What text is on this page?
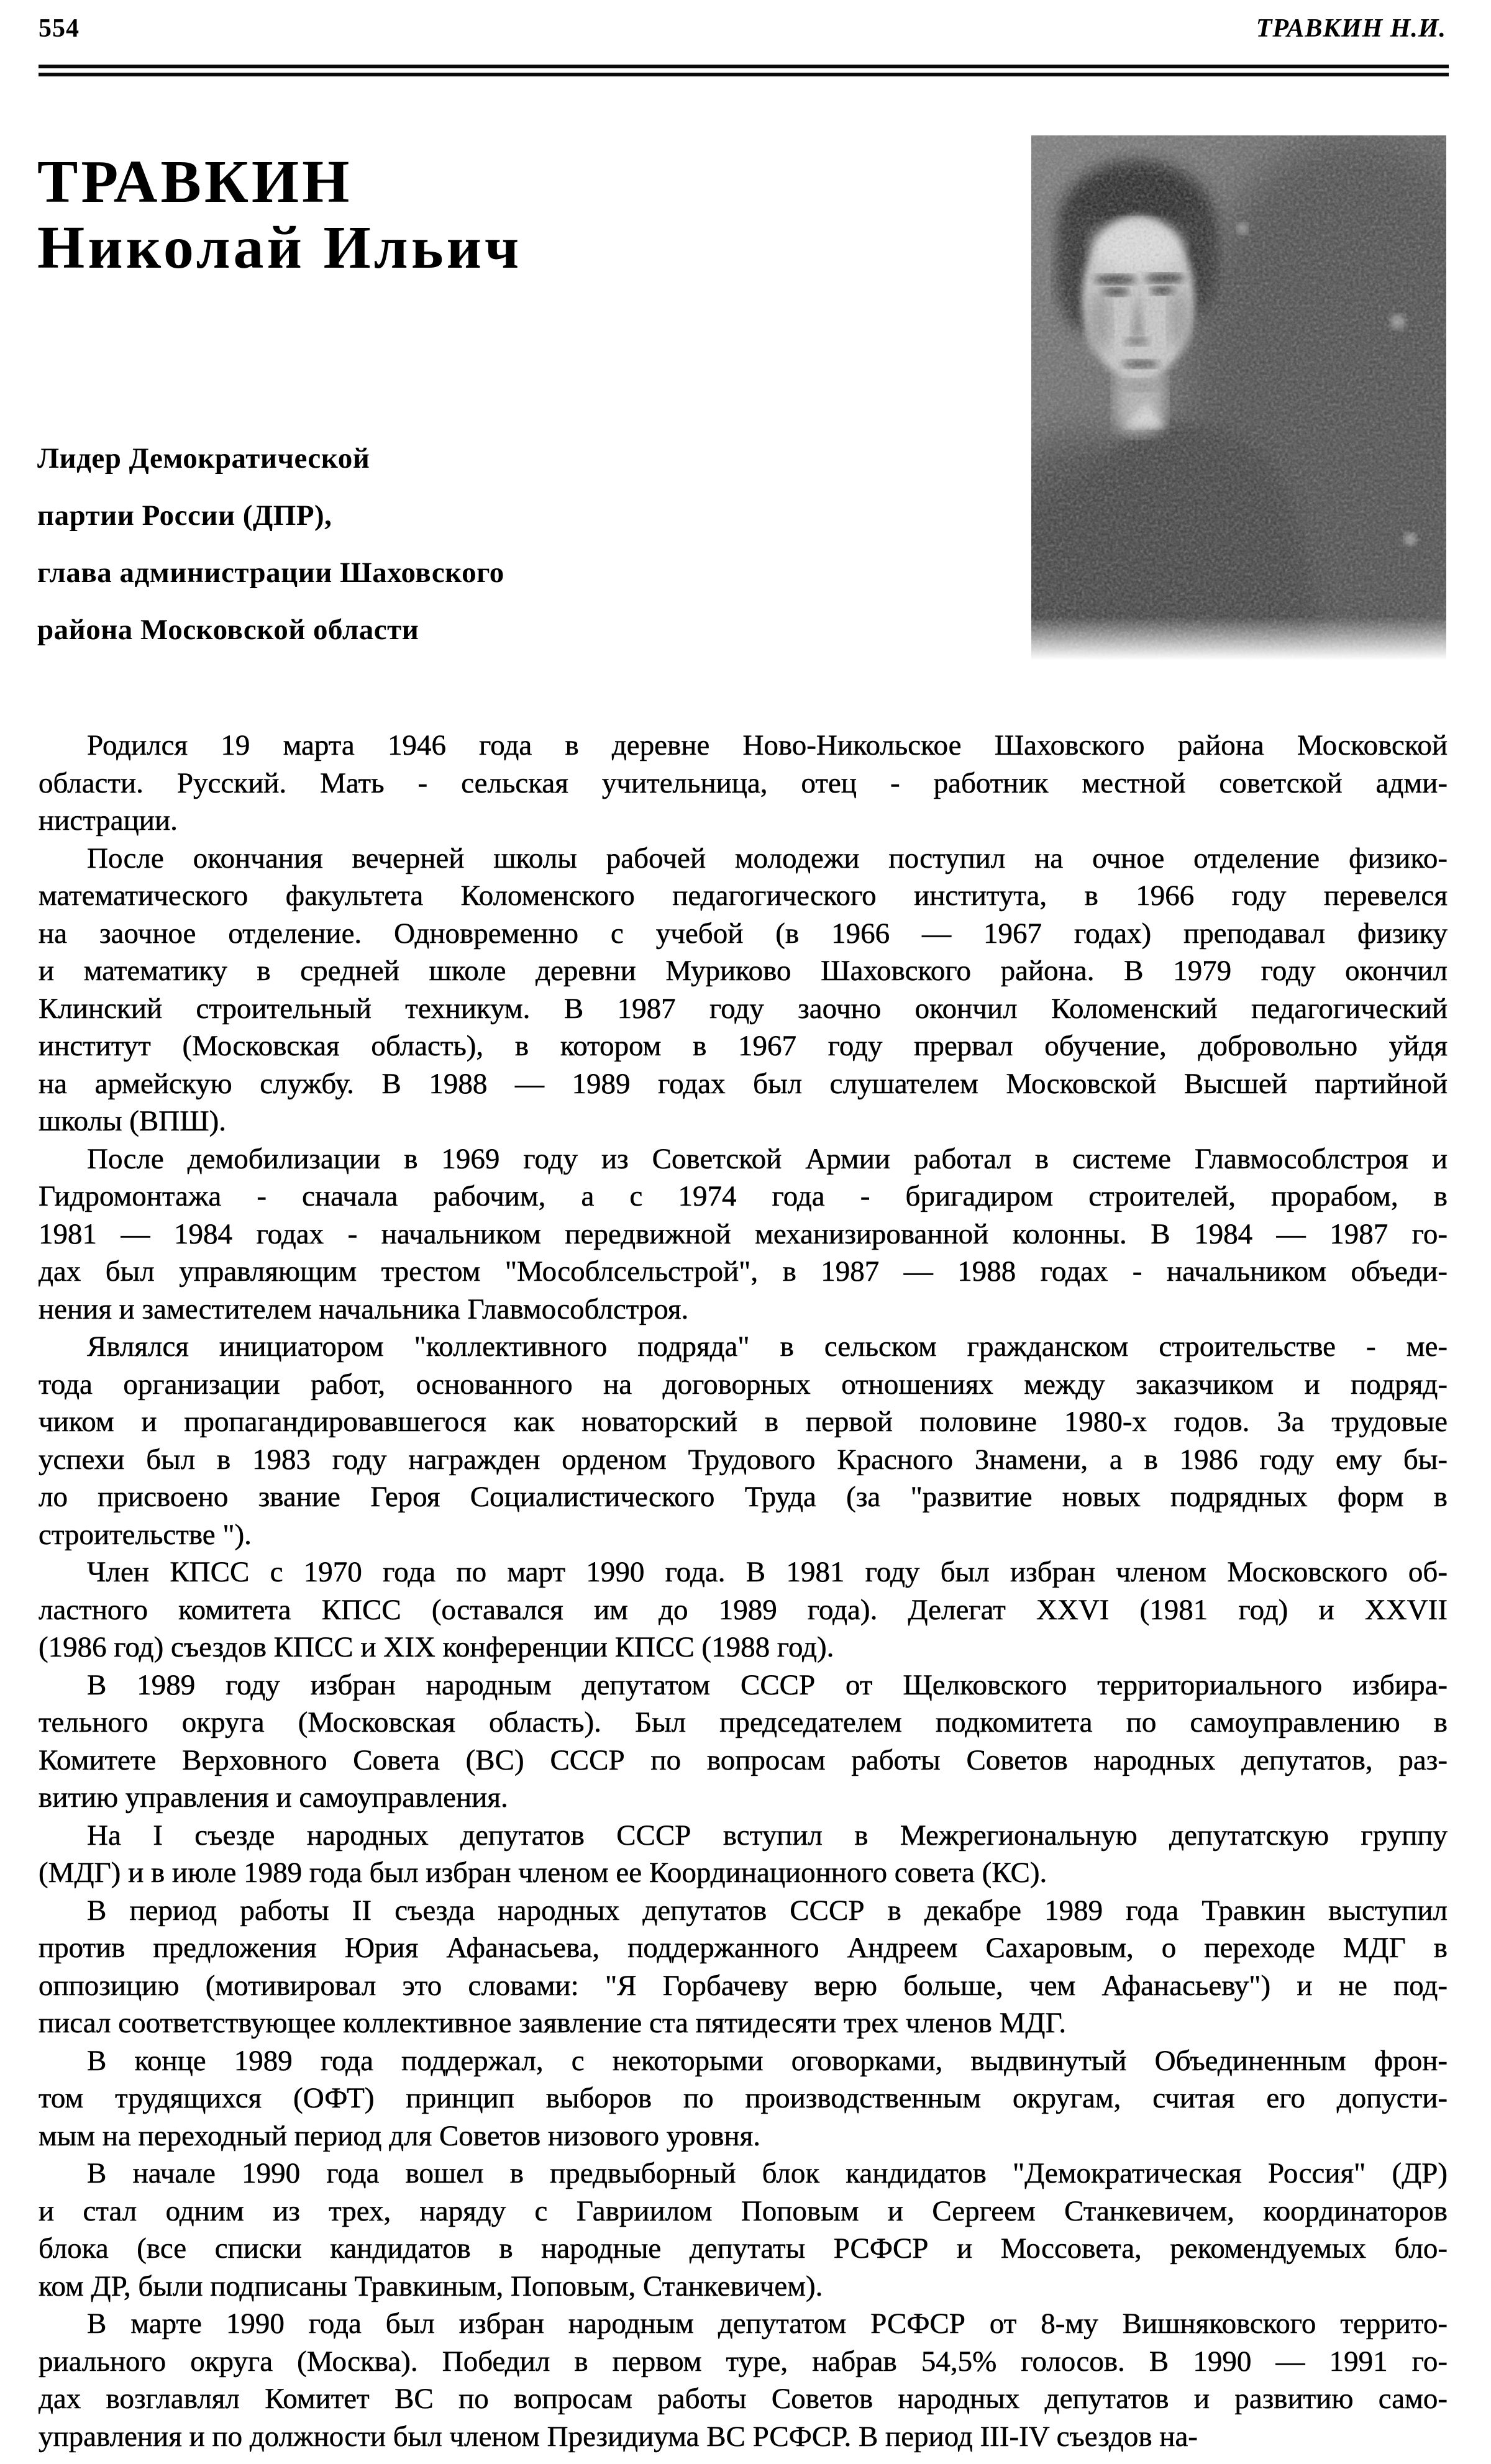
554	ТРАВКИН Н.И.
ТРАВКИН
Николай Ильич
Лидер Демократической
партии России (ДПР),
глава администрации Шаховского
района Московской области
Родился 19 марта 1946 года в деревне Ново-Никольское Шаховского района Московской
области. Русский. Мать - сельская учительница, отец - работник местной советской адми-
нистрации.
После окончания вечерней школы рабочей молодежи поступил на очное отделение физико-
математического факультета Коломенского педагогического института, в 1966 году перевелся
на заочное отделение. Одновременно с учебой (в 1966 — 1967 годах) преподавал физику
и математику в средней школе деревни Муриково Шаховского района. В 1979 году окончил
Клинский строительный техникум. В 1987 году заочно окончил Коломенский педагогический
институт (Московская область), в котором в 1967 году прервал обучение, добровольно уйдя
на армейскую службу. В 1988 — 1989 годах был слушателем Московской Высшей партийной
школы (ВПШ).
После демобилизации в 1969 году из Советской Армии работал в системе Главмособлстроя и
Гидромонтажа - сначала рабочим, а с 1974 года - бригадиром строителей, прорабом, в
1981 — 1984 годах - начальником передвижной механизированной колонны. В 1984 — 1987 го-
дах был управляющим трестом "Мособлсельстрой", в 1987 — 1988 годах - начальником объеди-
нения и заместителем начальника Главмособлстроя.
Являлся инициатором "коллективного подряда" в сельском гражданском строительстве - ме-
тода организации работ, основанного на договорных отношениях между заказчиком и подряд-
чиком и пропагандировавшегося как новаторский в первой половине 1980-х годов. За трудовые
успехи был в 1983 году награжден орденом Трудового Красного Знамени, а в 1986 году ему бы-
ло присвоено звание Героя Социалистического Труда (за "развитие новых подрядных форм в
строительстве ").
Член КПСС с 1970 года по март 1990 года. В 1981 году был избран членом Московского об-
ластного комитета КПСС (оставался им до 1989 года). Делегат XXVI (1981 год) и XXVII
(1986 год) съездов КПСС и XIX конференции КПСС (1988 год).
В 1989 году избран народным депутатом СССР от Щелковского территориального избира-
тельного округа (Московская область). Был председателем подкомитета по самоуправлению в
Комитете Верховного Совета (ВС) СССР по вопросам работы Советов народных депутатов, раз-
витию управления и самоуправления.
На I съезде народных депутатов СССР вступил в Межрегиональную депутатскую группу
(МДГ) и в июле 1989 года был избран членом ее Координационного совета (КС).
В период работы II съезда народных депутатов СССР в декабре 1989 года Травкин выступил
против предложения Юрия Афанасьева, поддержанного Андреем Сахаровым, о переходе МДГ в
оппозицию (мотивировал это словами: "Я Горбачеву верю больше, чем Афанасьеву") и не под-
писал соответствующее коллективное заявление ста пятидесяти трех членов МДГ.
В конце 1989 года поддержал, с некоторыми оговорками, выдвинутый Объединенным фрон-
том трудящихся (ОФТ) принцип выборов по производственным округам, считая его допусти-
мым на переходный период для Советов низового уровня.
В начале 1990 года вошел в предвыборный блок кандидатов "Демократическая Россия" (ДР)
и стал одним из трех, наряду с Гавриилом Поповым и Сергеем Станкевичем, координаторов
блока (все списки кандидатов в народные депутаты РСФСР и Моссовета, рекомендуемых бло-
ком ДР, были подписаны Травкиным, Поповым, Станкевичем).
В марте 1990 года был избран народным депутатом РСФСР от 8-му Вишняковского террито-
риального округа (Москва). Победил в первом туре, набрав 54,5% голосов. В 1990 — 1991 го-
дах возглавлял Комитет ВС по вопросам работы Советов народных депутатов и развитию само-
управления и по должности был членом Президиума ВС РСФСР. В период III-IV съездов на-
